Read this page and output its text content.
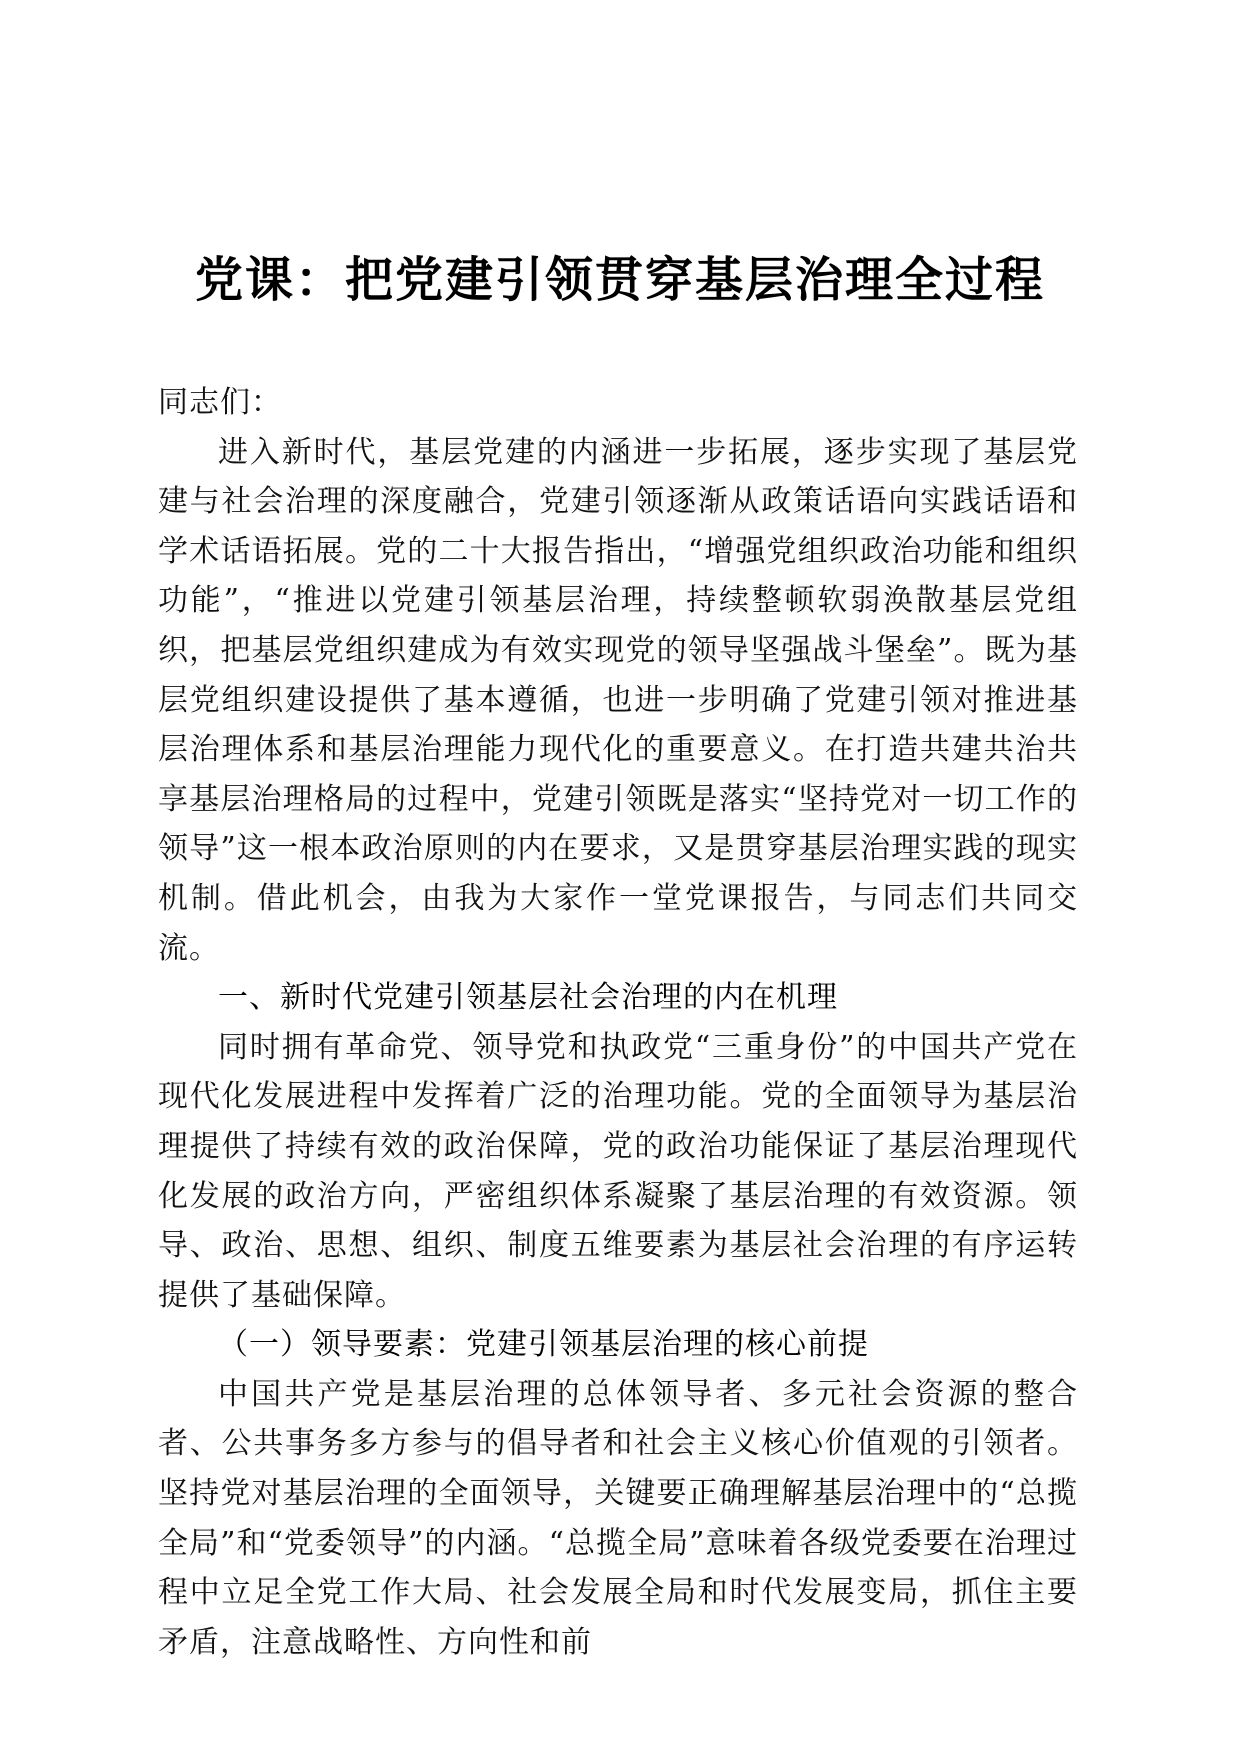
党课：把党建引领贯穿基层治理全过程

同志们：

进入新时代，基层党建的内涵进一步拓展，逐步实现了基层党建与社会治理的深度融合，党建引领逐渐从政策话语向实践话语和学术话语拓展。党的二十大报告指出，“增强党组织政治功能和组织功能”，“推进以党建引领基层治理，持续整顿软弱涣散基层党组织，把基层党组织建成为有效实现党的领导坚强战斗堡垒”。既为基层党组织建设提供了基本遵循，也进一步明确了党建引领对推进基层治理体系和基层治理能力现代化的重要意义。在打造共建共治共享基层治理格局的过程中，党建引领既是落实“坚持党对一切工作的领导”这一根本政治原则的内在要求，又是贯穿基层治理实践的现实机制。借此机会，由我为大家作一堂党课报告，与同志们共同交流。

一、新时代党建引领基层社会治理的内在机理

同时拥有革命党、领导党和执政党“三重身份”的中国共产党在现代化发展进程中发挥着广泛的治理功能。党的全面领导为基层治理提供了持续有效的政治保障，党的政治功能保证了基层治理现代化发展的政治方向，严密组织体系凝聚了基层治理的有效资源。领导、政治、思想、组织、制度五维要素为基层社会治理的有序运转提供了基础保障。

（一）领导要素：党建引领基层治理的核心前提

中国共产党是基层治理的总体领导者、多元社会资源的整合者、公共事务多方参与的倡导者和社会主义核心价值观的引领者。坚持党对基层治理的全面领导，关键要正确理解基层治理中的“总揽全局”和“党委领导”的内涵。“总揽全局”意味着各级党委要在治理过程中立足全党工作大局、社会发展全局和时代发展变局，抓住主要矛盾，注意战略性、方向性和前
